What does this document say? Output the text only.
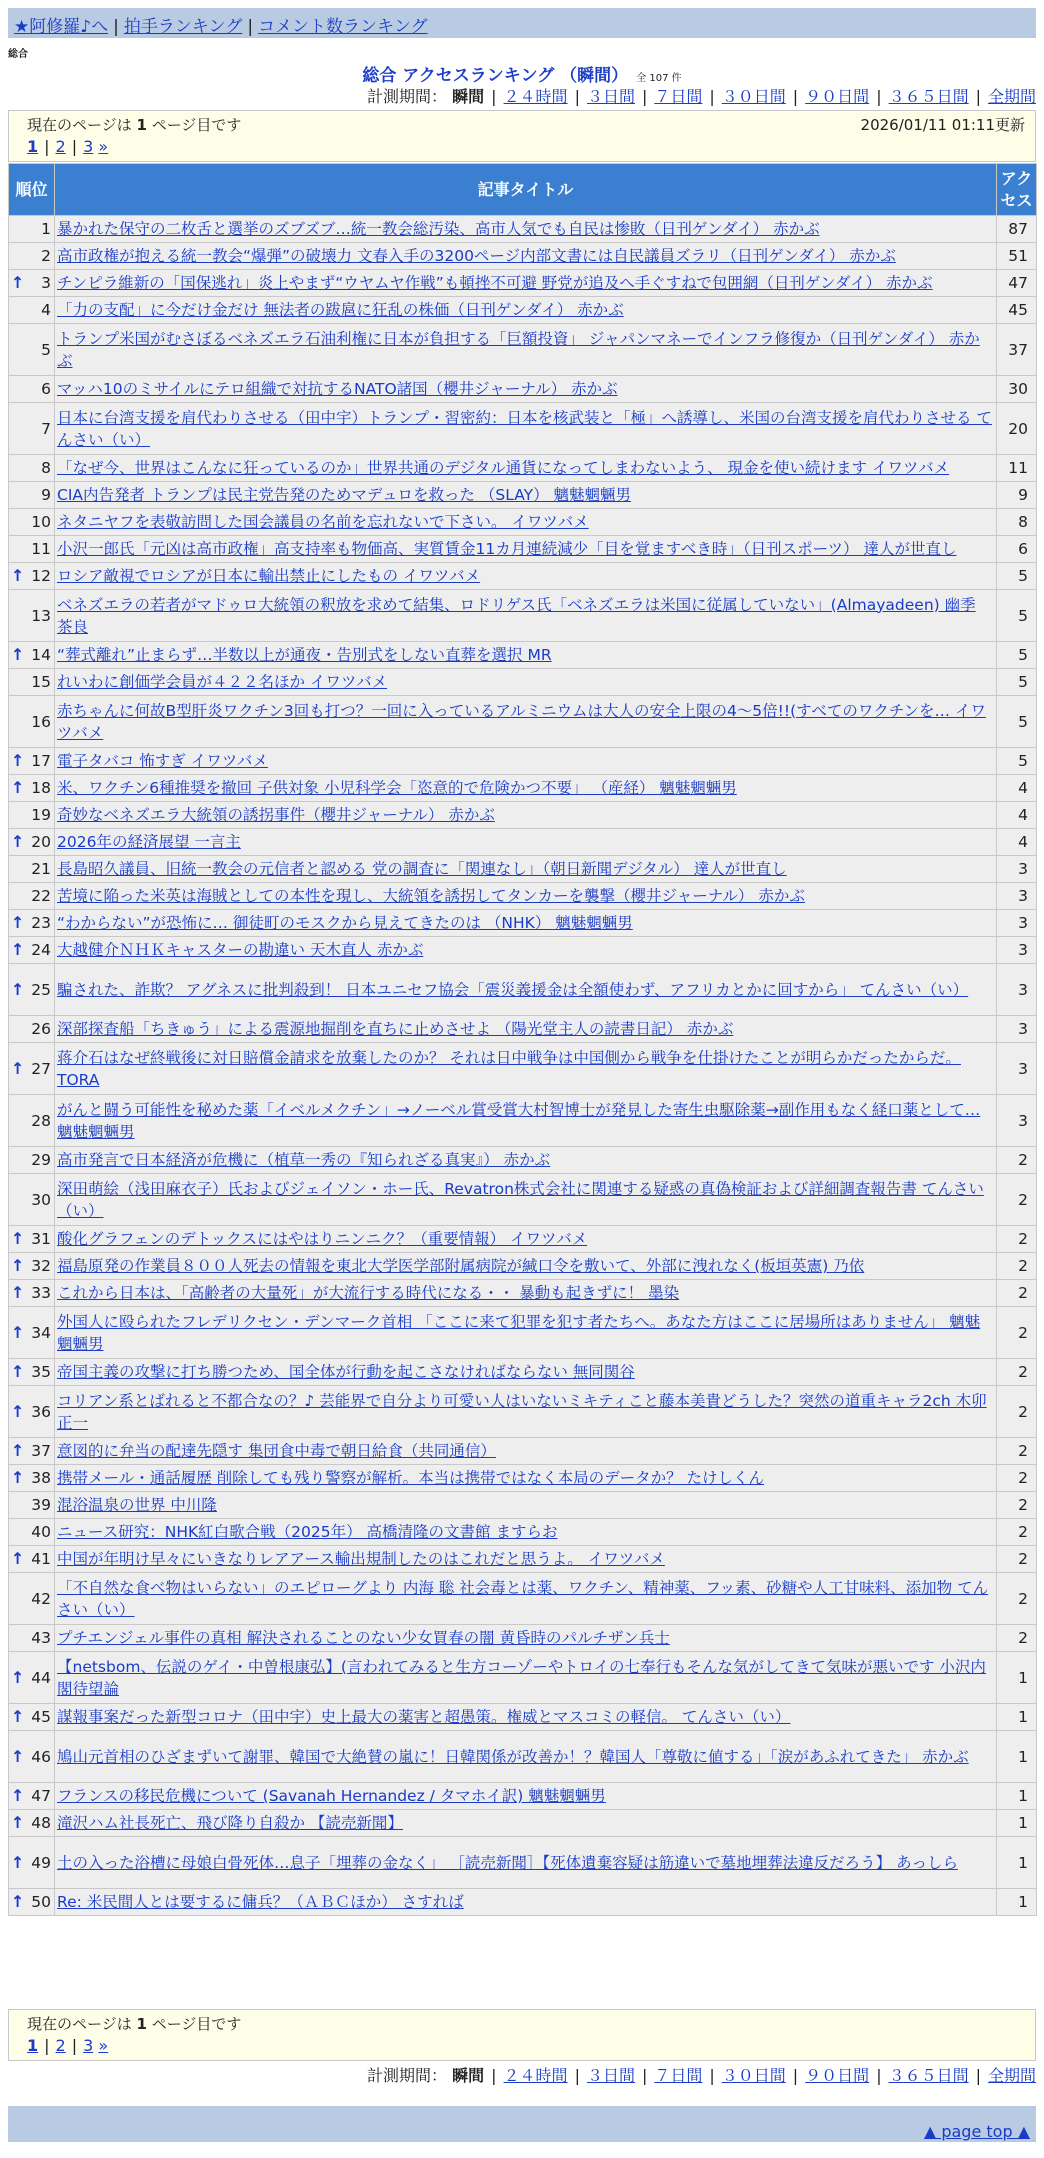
★阿修羅♪へ | 拍手ランキング | コメント数ランキング
総合
総合 アクセスランキング （瞬間） 全 107 件
計測期間： 瞬間 | ２４時間 | ３日間 | ７日間 | ３０日間 | ９０日間 | ３６５日間 | 全期間
現在のページは 1 ページ目です	2026/01/11 01:11更新
1 | 2 | 3 »
順位	記事タイトル	アクセス
1	暴かれた保守の二枚舌と選挙のズブズブ…統一教会総汚染、高市人気でも自民は惨敗（日刊ゲンダイ） 赤かぶ	87
2	高市政権が抱える統一教会“爆弾”の破壊力 文春入手の3200ページ内部文書には自民議員ズラリ（日刊ゲンダイ） 赤かぶ	51

↑ 3	チンピラ維新の「国保逃れ」炎上やまず“ウヤムヤ作戦”も頓挫不可避 野党が追及へ手ぐすねで包囲網（日刊ゲンダイ） 赤かぶ	47
4	「力の支配」に今だけ金だけ 無法者の跋扈に狂乱の株価（日刊ゲンダイ） 赤かぶ	45
5	トランプ米国がむさぼるベネズエラ石油利権に日本が負担する「巨額投資」 ジャパンマネーでインフラ修復か（日刊ゲンダイ） 赤かぶ	37
6	マッハ10のミサイルにテロ組織で対抗するNATO諸国（櫻井ジャーナル） 赤かぶ	30
7	日本に台湾支援を肩代わりさせる（田中宇）トランプ・習密約：日本を核武装と「極」へ誘導し、米国の台湾支援を肩代わりさせる てんさい（い）	20
8	「なぜ今、世界はこんなに狂っているのか」世界共通のデジタル通貨になってしまわないよう、 現金を使い続けます イワツバメ	11
9	CIA内告発者 トランプは民主党告発のためマデュロを救った （SLAY） 魑魅魍魎男	9
10	ネタニヤフを表敬訪問した国会議員の名前を忘れないで下さい。 イワツバメ	8
11	小沢一郎氏「元凶は高市政権」高支持率も物価高、実質賃金11カ月連続減少「目を覚ますべき時」（日刊スポーツ） 達人が世直し	6

↑ 12	ロシア敵視でロシアが日本に輸出禁止にしたもの イワツバメ	5
13	ベネズエラの若者がマドゥロ大統領の釈放を求めて結集、ロドリゲス氏「ベネズエラは米国に従属していない」(Almayadeen) 幽季 茶良	5

↑ 14	“葬式離れ”止まらず…半数以上が通夜・告別式をしない直葬を選択 MR	5
15	れいわに創価学会員が４２２名ほか イワツバメ	5
16	赤ちゃんに何故B型肝炎ワクチン3回も打つ？一回に入っているアルミニウムは大人の安全上限の4～5倍!!(すべてのワクチンを… イワツバメ	5

↑ 17	電子タバコ 怖すぎ イワツバメ	5

↑ 18	米、ワクチン6種推奨を撤回 子供対象 小児科学会「恣意的で危険かつ不要」 （産経） 魑魅魍魎男	4
19	奇妙なベネズエラ大統領の誘拐事件（櫻井ジャーナル） 赤かぶ	4

↑ 20	2026年の経済展望 一言主	4
21	長島昭久議員、旧統一教会の元信者と認める 党の調査に「関連なし」（朝日新聞デジタル） 達人が世直し	3
22	苦境に陥った米英は海賊としての本性を現し、大統領を誘拐してタンカーを襲撃（櫻井ジャーナル） 赤かぶ	3

↑ 23	“わからない”が恐怖に… 御徒町のモスクから見えてきたのは （NHK） 魑魅魍魎男	3

↑ 24	大越健介ＮＨＫキャスターの勘違い 天木直人 赤かぶ	3

↑ 25	騙された、詐欺？ アグネスに批判殺到！ 日本ユニセフ協会「震災義援金は全額使わず、アフリカとかに回すから」 てんさい（い）	3
26	深部探査船「ちきゅう」による震源地掘削を直ちに止めさせよ （陽光堂主人の読書日記） 赤かぶ	3

↑ 27	蒋介石はなぜ終戦後に対日賠償金請求を放棄したのか？ それは日中戦争は中国側から戦争を仕掛けたことが明らかだったからだ。 TORA	3
28	がんと闘う可能性を秘めた薬「イベルメクチン」→ノーベル賞受賞大村智博士が発見した寄生虫駆除薬→副作用もなく経口薬として… 魑魅魍魎男	3
29	高市発言で日本経済が危機に（植草一秀の『知られざる真実』） 赤かぶ	2
30	深田萌絵（浅田麻衣子）氏およびジェイソン・ホー氏、Revatron株式会社に関連する疑惑の真偽検証および詳細調査報告書 てんさい（い）	2

↑ 31	酸化グラフェンのデトックスにはやはりニンニク？（重要情報） イワツバメ	2

↑ 32	福島原発の作業員８００人死去の情報を東北大学医学部附属病院が緘口令を敷いて、外部に洩れなく(板垣英憲) 乃依	2

↑ 33	これから日本は、「高齢者の大量死」が大流行する時代になる・・ 暴動も起きずに！ 墨染	2

↑ 34	外国人に殴られたフレデリクセン・デンマーク首相 「ここに来て犯罪を犯す者たちへ。あなた方はここに居場所はありません」 魑魅魍魎男	2

↑ 35	帝国主義の攻撃に打ち勝つため、国全体が行動を起こさなければならない 無同関谷	2

↑ 36	コリアン系とばれると不都合なの？♪ 芸能界で自分より可愛い人はいないミキティこと藤本美貴どうした？突然の道重キャラ2ch 木卯正一	2

↑ 37	意図的に弁当の配達先隠す 集団食中毒で朝日給食（共同通信）	2

↑ 38	携帯メール・通話履歴 削除しても残り警察が解析。本当は携帯ではなく本局のデータか？ たけしくん	2
39	混浴温泉の世界 中川隆	2
40	ニュース研究：NHK紅白歌合戦（2025年） 高橋清隆の文書館 ますらお	2

↑ 41	中国が年明け早々にいきなりレアアース輸出規制したのはこれだと思うよ。 イワツバメ	2
42	「不自然な食べ物はいらない」のエピローグより 内海 聡 社会毒とは薬、ワクチン、精神薬、フッ素、砂糖や人工甘味料、添加物 てんさい（い）	2
43	プチエンジェル事件の真相 解決されることのない少女買春の闇 黄昏時のパルチザン兵士	2

↑ 44	【netsbom、伝説のゲイ・中曽根康弘】(言われてみると生方コーゾーやトロイの七奉行もそんな気がしてきて気味が悪いです 小沢内閣待望論	1

↑ 45	謀報事案だった新型コロナ（田中宇）史上最大の薬害と超愚策。権威とマスコミの軽信。 てんさい（い）	1

↑ 46	鳩山元首相のひざまずいて謝罪、韓国で大絶賛の嵐に！日韓関係が改善か！？韓国人「尊敬に値する」「涙があふれてきた」 赤かぶ	1

↑ 47	フランスの移民危機について (Savanah Hernandez / タマホイ訳) 魑魅魍魎男	1

↑ 48	滝沢ハム社長死亡、飛び降り自殺か 【読売新聞】	1

↑ 49	土の入った浴槽に母娘白骨死体…息子「埋葬の金なく」 ［読売新聞］【死体遺棄容疑は筋違いで墓地埋葬法違反だろう】 あっしら	1

↑ 50	Re: 米民間人とは要するに傭兵？（ＡＢＣほか） さすれば	1
現在のページは 1 ページ目です
1 | 2 | 3 »
計測期間： 瞬間 | ２４時間 | ３日間 | ７日間 | ３０日間 | ９０日間 | ３６５日間 | 全期間
▲ page top ▲
